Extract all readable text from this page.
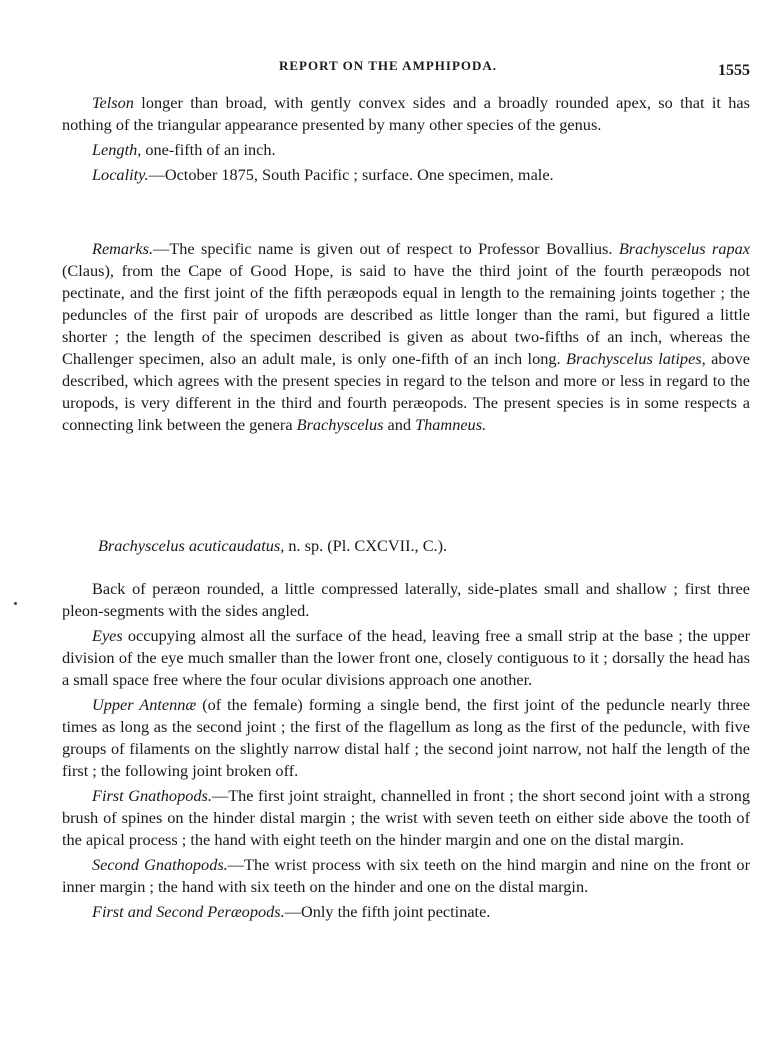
REPORT ON THE AMPHIPODA.	1555

Telson longer than broad, with gently convex sides and a broadly rounded apex, so that it has nothing of the triangular appearance presented by many other species of the genus.

Length, one-fifth of an inch.

Locality.—October 1875, South Pacific ; surface. One specimen, male.

Remarks.—The specific name is given out of respect to Professor Bovallius. Brachyscelus rapax (Claus), from the Cape of Good Hope, is said to have the third joint of the fourth peræopods not pectinate, and the first joint of the fifth peræopods equal in length to the remaining joints together ; the peduncles of the first pair of uropods are described as little longer than the rami, but figured a little shorter ; the length of the specimen described is given as about two-fifths of an inch, whereas the Challenger specimen, also an adult male, is only one-fifth of an inch long. Brachyscelus latipes, above described, which agrees with the present species in regard to the telson and more or less in regard to the uropods, is very different in the third and fourth peræopods. The present species is in some respects a connecting link between the genera Brachyscelus and Thamneus.

Brachyscelus acuticaudatus, n. sp. (Pl. CXCVII., C.).

Back of peræon rounded, a little compressed laterally, side-plates small and shallow ; first three pleon-segments with the sides angled.

Eyes occupying almost all the surface of the head, leaving free a small strip at the base ; the upper division of the eye much smaller than the lower front one, closely contiguous to it ; dorsally the head has a small space free where the four ocular divisions approach one another.

Upper Antennæ (of the female) forming a single bend, the first joint of the peduncle nearly three times as long as the second joint ; the first of the flagellum as long as the first of the peduncle, with five groups of filaments on the slightly narrow distal half ; the second joint narrow, not half the length of the first ; the following joint broken off.

First Gnathopods.—The first joint straight, channelled in front ; the short second joint with a strong brush of spines on the hinder distal margin ; the wrist with seven teeth on either side above the tooth of the apical process ; the hand with eight teeth on the hinder margin and one on the distal margin.

Second Gnathopods.—The wrist process with six teeth on the hind margin and nine on the front or inner margin ; the hand with six teeth on the hinder and one on the distal margin.

First and Second Peræopods.—Only the fifth joint pectinate.
